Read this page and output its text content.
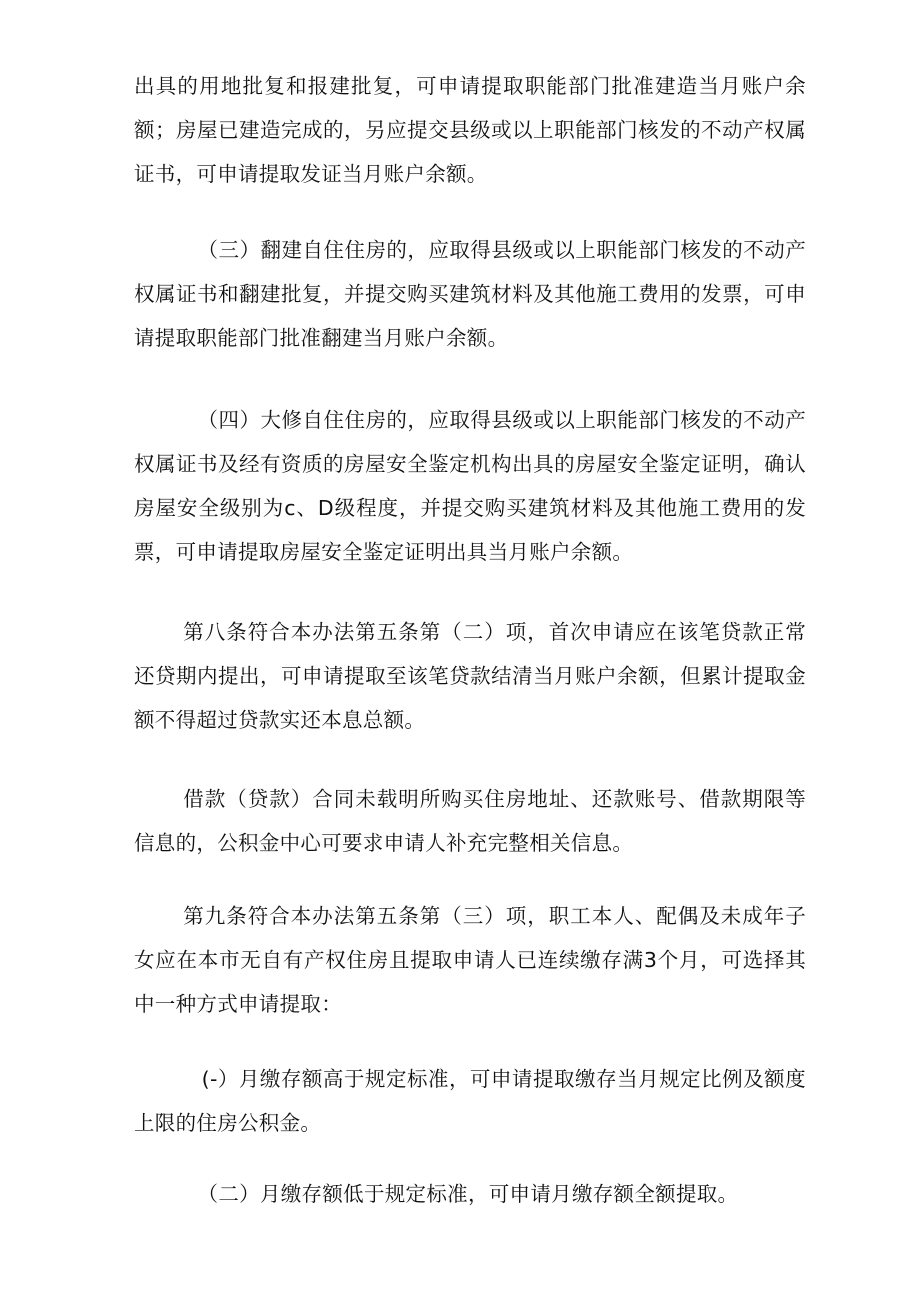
出具的用地批复和报建批复，可申请提取职能部门批准建造当月账户余额；房屋已建造完成的，另应提交县级或以上职能部门核发的不动产权属证书，可申请提取发证当月账户余额。

（三）翻建自住住房的，应取得县级或以上职能部门核发的不动产权属证书和翻建批复，并提交购买建筑材料及其他施工费用的发票，可申请提取职能部门批准翻建当月账户余额。

（四）大修自住住房的，应取得县级或以上职能部门核发的不动产权属证书及经有资质的房屋安全鉴定机构出具的房屋安全鉴定证明，确认房屋安全级别为c、D级程度，并提交购买建筑材料及其他施工费用的发票，可申请提取房屋安全鉴定证明出具当月账户余额。

第八条符合本办法第五条第（二）项，首次申请应在该笔贷款正常还贷期内提出，可申请提取至该笔贷款结清当月账户余额，但累计提取金额不得超过贷款实还本息总额。

借款（贷款）合同未载明所购买住房地址、还款账号、借款期限等信息的，公积金中心可要求申请人补充完整相关信息。

第九条符合本办法第五条第（三）项，职工本人、配偶及未成年子女应在本市无自有产权住房且提取申请人已连续缴存满3个月，可选择其中一种方式申请提取：

(-）月缴存额高于规定标准，可申请提取缴存当月规定比例及额度上限的住房公积金。

（二）月缴存额低于规定标准，可申请月缴存额全额提取。
